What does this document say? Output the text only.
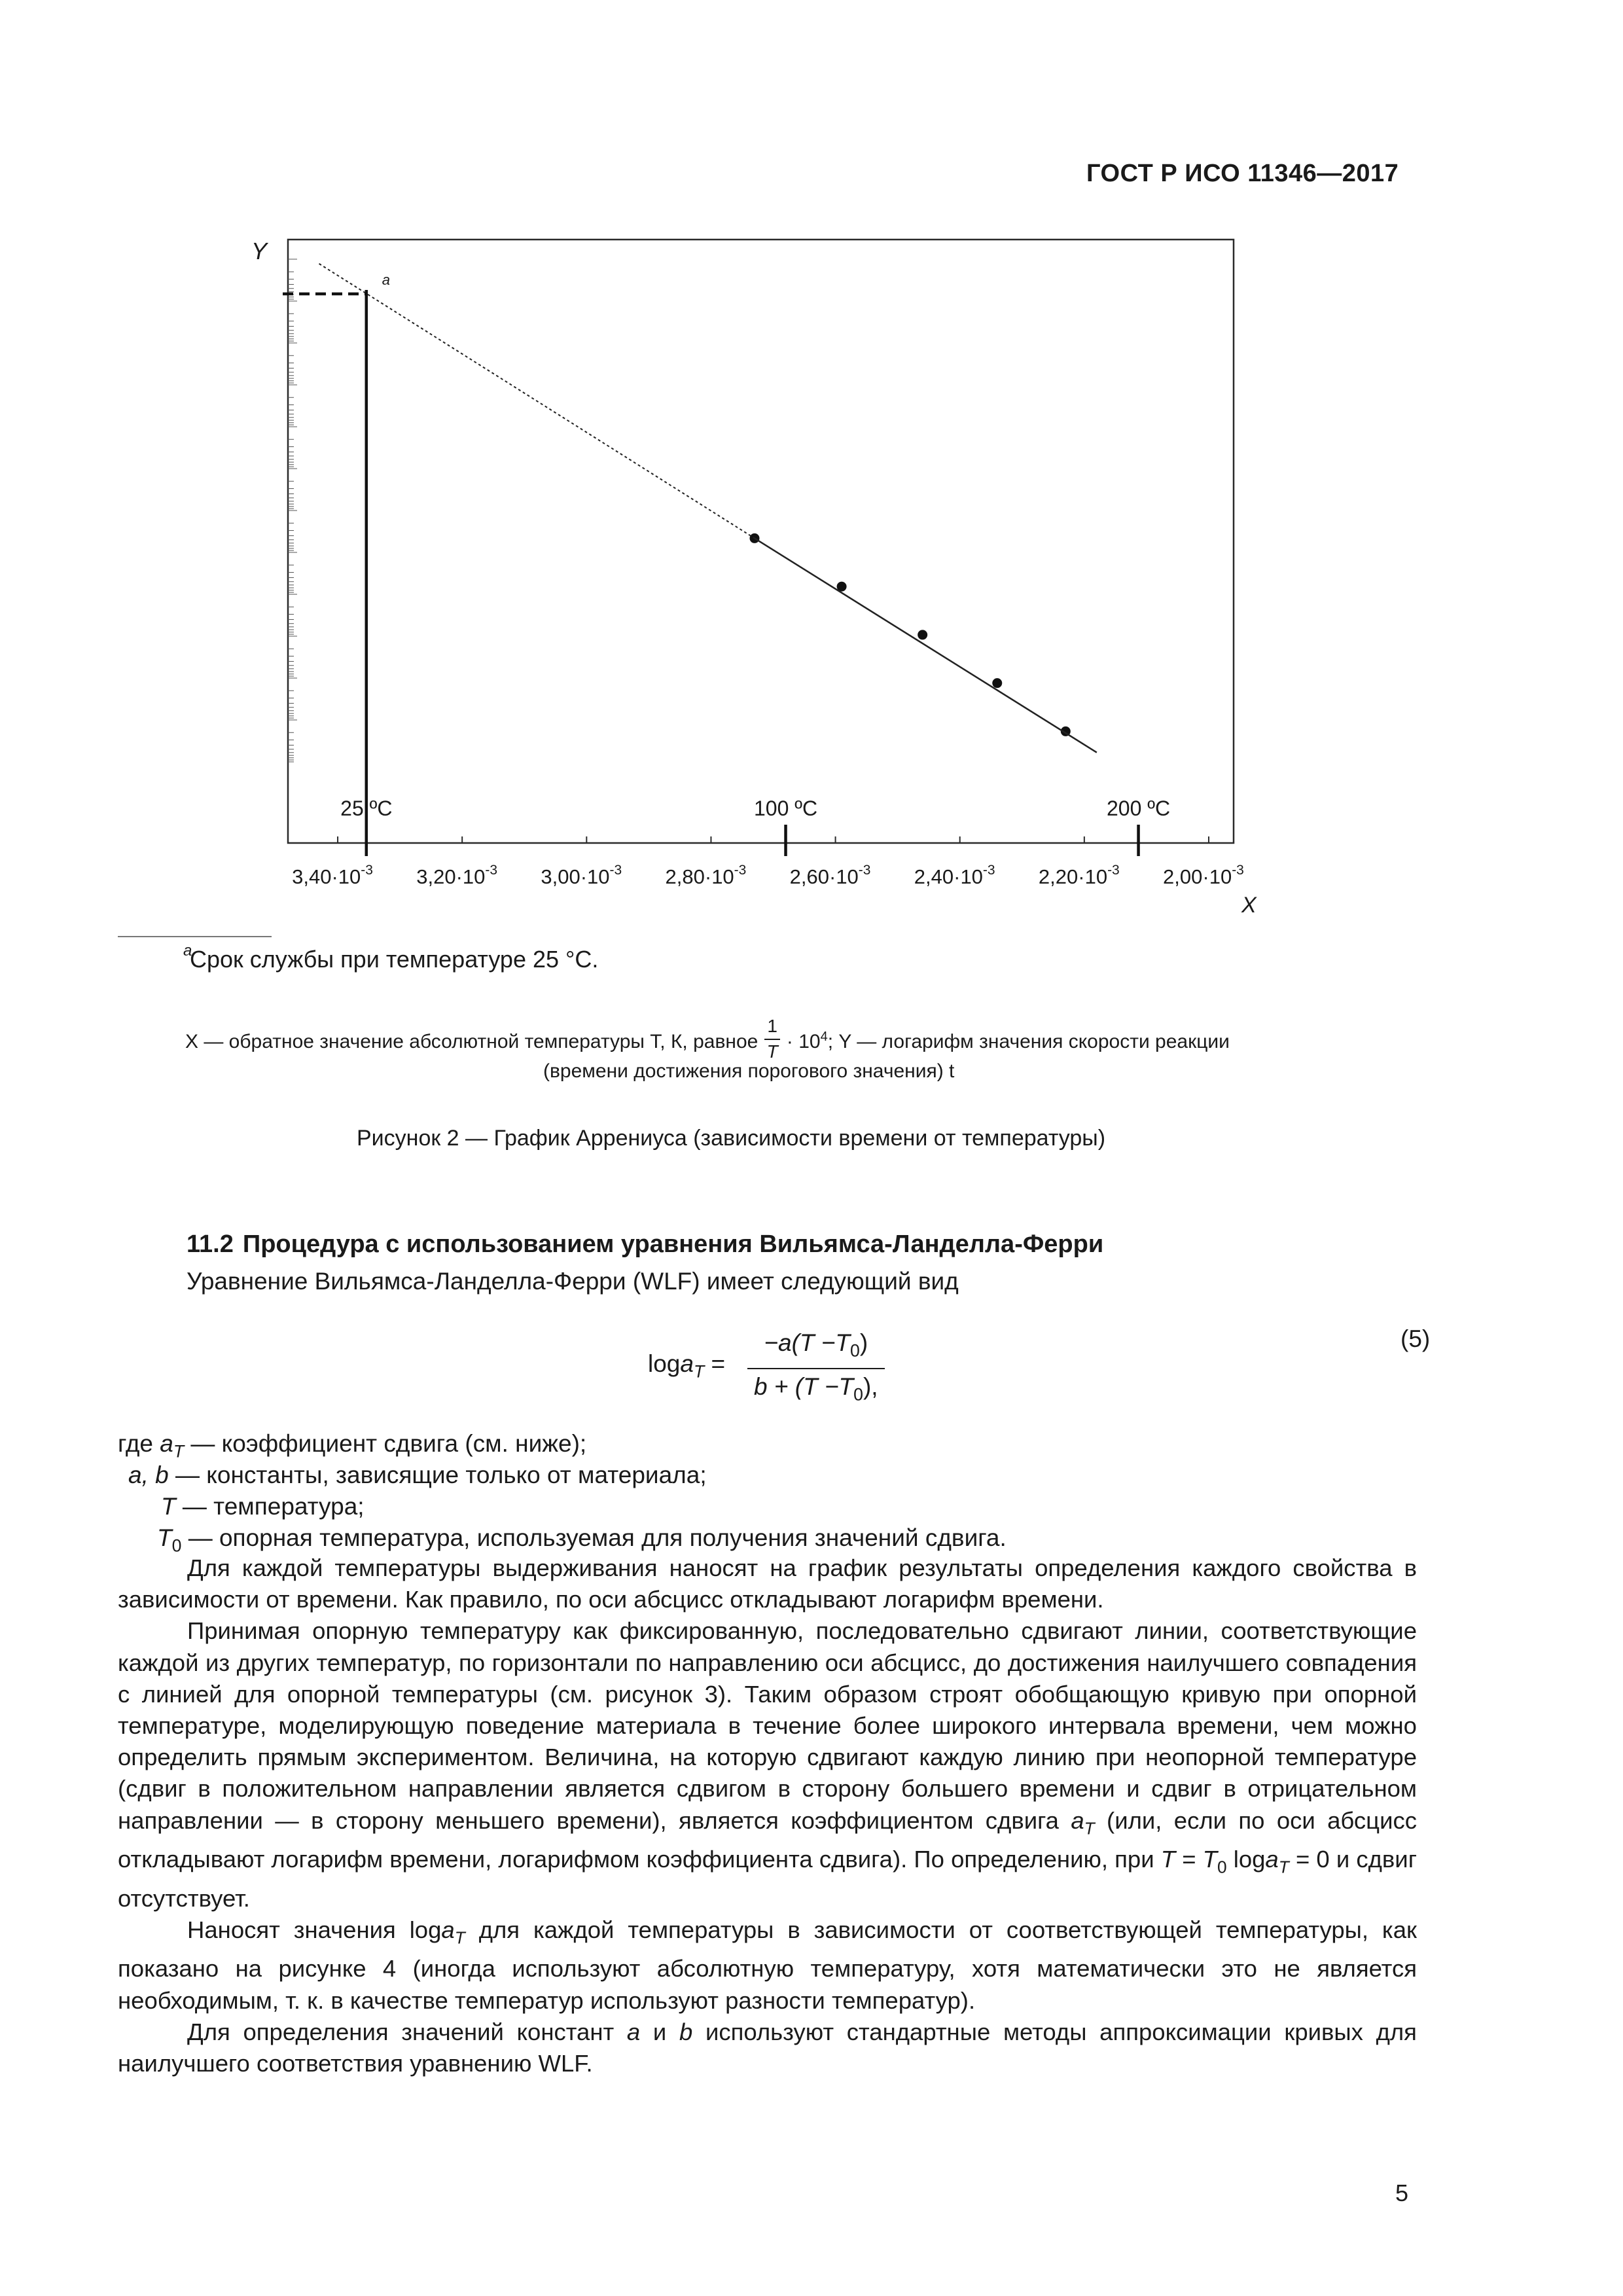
ГОСТ Р ИСО 11346—2017
$3,40\cdot 10^{-3}$ $3,20\cdot 10^{-3}$ $3,00\cdot 10^{-3}$ $2,80\cdot 10^{-3}$ $2,60\cdot 10^{-3}$ $2,40\cdot 10^{-3}$ $2,20\cdot 10^{-3}$ $2,00\cdot 10^{-3}$
X
Y
25 ºC	100 ºC	200 ºC
a
a
Срок службы при температуре 25 °С.
X — обратное значение абсолютной температуры T, К, равное $\frac{1}{T} \cdot 10^4$; Y — логарифм значения скорости реакции
(времени достижения порогового значения) t
Рисунок 2 — График Аррениуса (зависимости времени от температуры)
11.2 Процедура с использованием уравнения Вильямса-Ланделла-Ферри
Уравнение Вильямса-Ланделла-Ферри (WLF) имеет следующий вид
$\log a_T = \frac{-a(T -T_0)}{b + (T -T_0),}$	(5)
где $a_T$ — коэффициент сдвига (см. ниже);
a, b — константы, зависящие только от материала;
T — температура;
$T_0$ — опорная температура, используемая для получения значений сдвига.

Для каждой температуры выдерживания наносят на график результаты определения каждого свойства в зависимости от времени. Как правило, по оси абсцисс откладывают логарифм времени.

Принимая опорную температуру как фиксированную, последовательно сдвигают линии, соответствующие каждой из других температур, по горизонтали по направлению оси абсцисс, до достижения наилучшего совпадения с линией для опорной температуры (см. рисунок 3). Таким образом строят обобщающую кривую при опорной температуре, моделирующую поведение материала в течение более широкого интервала времени, чем можно определить прямым экспериментом. Величина, на которую сдвигают каждую линию при неопорной температуре (сдвиг в положительном направлении является сдвигом в сторону большего времени и сдвиг в отрицательном направлении — в сторону меньшего времени), является коэффициентом сдвига $a_T$ (или, если по оси абсцисс откладывают логарифм времени, логарифмом коэффициента сдвига). По определению, при $T = T_0$ loga$_T$ = 0 и сдвиг отсутствует.

Наносят значения loga$_T$ для каждой температуры в зависимости от соответствующей температуры, как показано на рисунке 4 (иногда используют абсолютную температуру, хотя математически это не является необходимым, т. к. в качестве температур используют разности температур).

Для определения значений констант a и b используют стандартные методы аппроксимации кривых для наилучшего соответствия уравнению WLF.

5
